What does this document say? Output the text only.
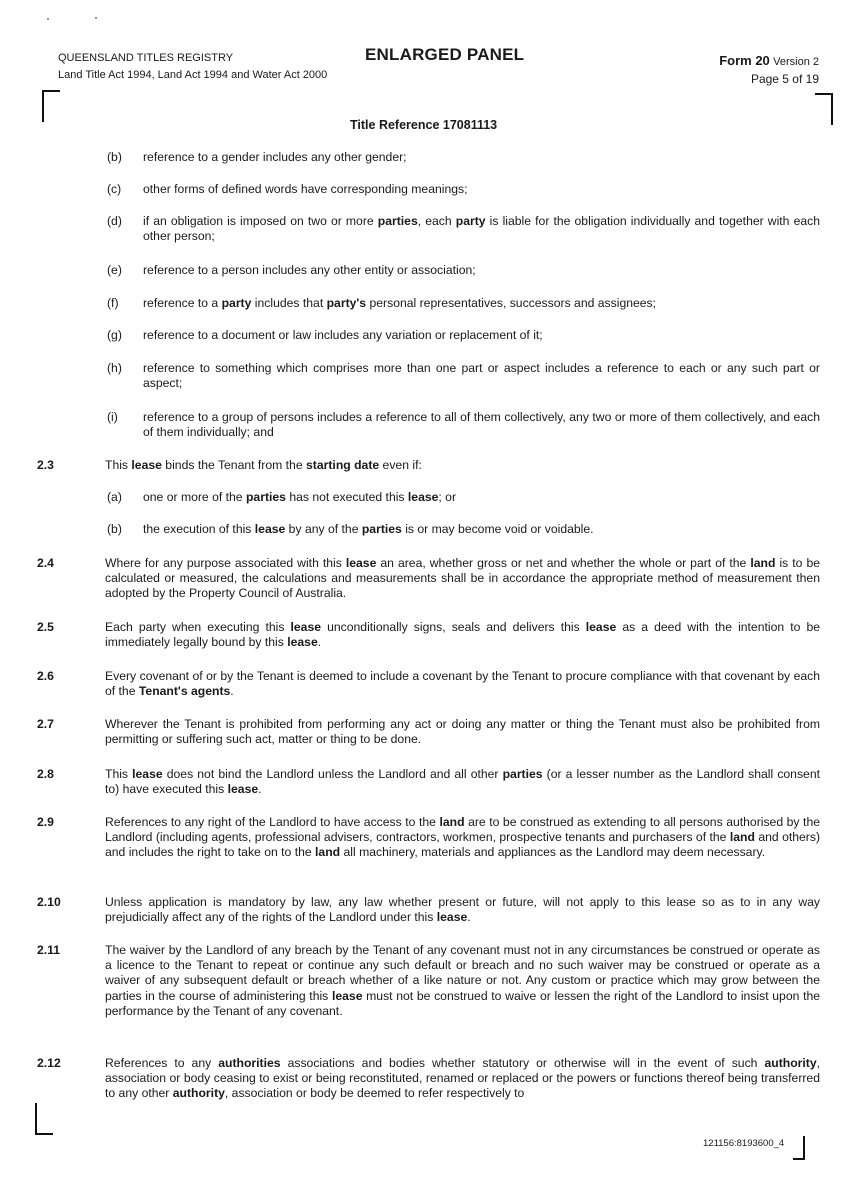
QUEENSLAND TITLES REGISTRY
Land Title Act 1994, Land Act 1994 and Water Act 2000
ENLARGED PANEL	Form 20 Version 2
Page 5 of 19
Title Reference 17081113
(b)	reference to a gender includes any other gender;
(c)	other forms of defined words have corresponding meanings;
(d)	if an obligation is imposed on two or more parties, each party is liable for the obligation individually and together with each other person;
(e)	reference to a person includes any other entity or association;
(f)	reference to a party includes that party's personal representatives, successors and assignees;
(g)	reference to a document or law includes any variation or replacement of it;
(h)	reference to something which comprises more than one part or aspect includes a reference to each or any such part or aspect;
(i)	reference to a group of persons includes a reference to all of them collectively, any two or more of them collectively, and each of them individually; and
2.3	This lease binds the Tenant from the starting date even if:
(a)	one or more of the parties has not executed this lease; or
(b)	the execution of this lease by any of the parties is or may become void or voidable.
2.4	Where for any purpose associated with this lease an area, whether gross or net and whether the whole or part of the land is to be calculated or measured, the calculations and measurements shall be in accordance the appropriate method of measurement then adopted by the Property Council of Australia.
2.5	Each party when executing this lease unconditionally signs, seals and delivers this lease as a deed with the intention to be immediately legally bound by this lease.
2.6	Every covenant of or by the Tenant is deemed to include a covenant by the Tenant to procure compliance with that covenant by each of the Tenant's agents.
2.7	Wherever the Tenant is prohibited from performing any act or doing any matter or thing the Tenant must also be prohibited from permitting or suffering such act, matter or thing to be done.
2.8	This lease does not bind the Landlord unless the Landlord and all other parties (or a lesser number as the Landlord shall consent to) have executed this lease.
2.9	References to any right of the Landlord to have access to the land are to be construed as extending to all persons authorised by the Landlord (including agents, professional advisers, contractors, workmen, prospective tenants and purchasers of the land and others) and includes the right to take on to the land all machinery, materials and appliances as the Landlord may deem necessary.
2.10	Unless application is mandatory by law, any law whether present or future, will not apply to this lease so as to in any way prejudicially affect any of the rights of the Landlord under this lease.
2.11	The waiver by the Landlord of any breach by the Tenant of any covenant must not in any circumstances be construed or operate as a licence to the Tenant to repeat or continue any such default or breach and no such waiver may be construed or operate as a waiver of any subsequent default or breach whether of a like nature or not. Any custom or practice which may grow between the parties in the course of administering this lease must not be construed to waive or lessen the right of the Landlord to insist upon the performance by the Tenant of any covenant.
2.12	References to any authorities associations and bodies whether statutory or otherwise will in the event of such authority, association or body ceasing to exist or being reconstituted, renamed or replaced or the powers or functions thereof being transferred to any other authority, association or body be deemed to refer respectively to
121156:8193600_4
